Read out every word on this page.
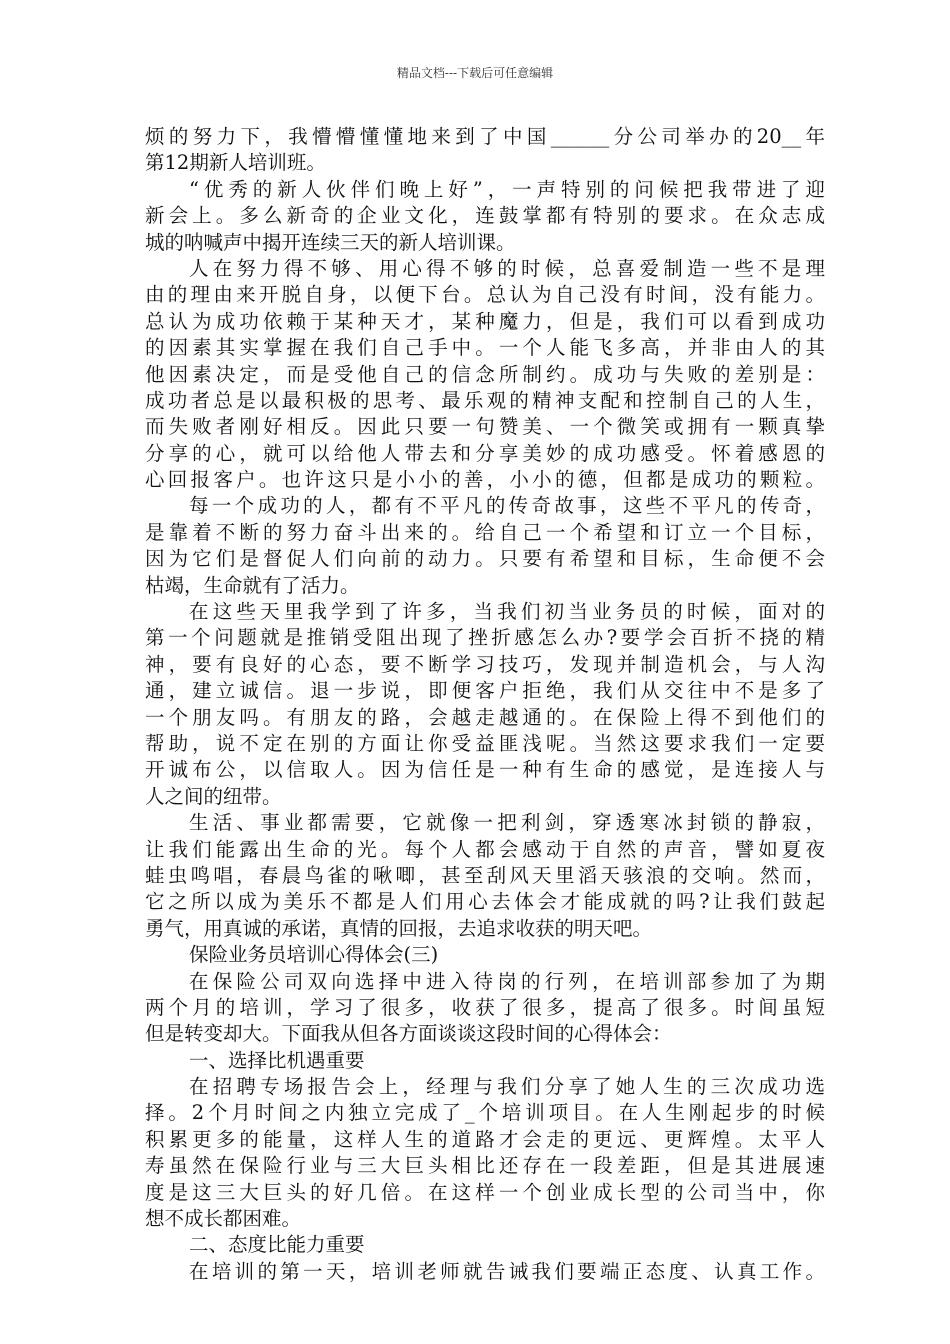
精品文档---下载后可任意编辑
烦的努力下，我懵懵懂懂地来到了中国______分公司举办的20__年
第12期新人培训班。
“优秀的新人伙伴们晚上好”，一声特别的问候把我带进了迎
新会上。多么新奇的企业文化，连鼓掌都有特别的要求。在众志成
城的呐喊声中揭开连续三天的新人培训课。
人在努力得不够、用心得不够的时候，总喜爱制造一些不是理
由的理由来开脱自身，以便下台。总认为自己没有时间，没有能力。
总认为成功依赖于某种天才，某种魔力，但是，我们可以看到成功
的因素其实掌握在我们自己手中。一个人能飞多高，并非由人的其
他因素决定，而是受他自己的信念所制约。成功与失败的差别是：
成功者总是以最积极的思考、最乐观的精神支配和控制自己的人生，
而失败者刚好相反。因此只要一句赞美、一个微笑或拥有一颗真挚
分享的心，就可以给他人带去和分享美妙的成功感受。怀着感恩的
心回报客户。也许这只是小小的善，小小的德，但都是成功的颗粒。
每一个成功的人，都有不平凡的传奇故事，这些不平凡的传奇，
是靠着不断的努力奋斗出来的。给自己一个希望和订立一个目标，
因为它们是督促人们向前的动力。只要有希望和目标，生命便不会
枯竭，生命就有了活力。
在这些天里我学到了许多，当我们初当业务员的时候，面对的
第一个问题就是推销受阻出现了挫折感怎么办?要学会百折不挠的精
神，要有良好的心态，要不断学习技巧，发现并制造机会，与人沟
通，建立诚信。退一步说，即便客户拒绝，我们从交往中不是多了
一个朋友吗。有朋友的路，会越走越通的。在保险上得不到他们的
帮助，说不定在别的方面让你受益匪浅呢。当然这要求我们一定要
开诚布公，以信取人。因为信任是一种有生命的感觉，是连接人与
人之间的纽带。
生活、事业都需要，它就像一把利剑，穿透寒冰封锁的静寂，
让我们能露出生命的光。每个人都会感动于自然的声音，譬如夏夜
蛙虫鸣唱，春晨鸟雀的啾唧，甚至刮风天里滔天骇浪的交响。然而，
它之所以成为美乐不都是人们用心去体会才能成就的吗?让我们鼓起
勇气，用真诚的承诺，真情的回报，去追求收获的明天吧。
保险业务员培训心得体会(三)
在保险公司双向选择中进入待岗的行列，在培训部参加了为期
两个月的培训，学习了很多，收获了很多，提高了很多。时间虽短
但是转变却大。下面我从但各方面谈谈这段时间的心得体会：
一、选择比机遇重要
在招聘专场报告会上，经理与我们分享了她人生的三次成功选
择。2个月时间之内独立完成了_个培训项目。在人生刚起步的时候
积累更多的能量，这样人生的道路才会走的更远、更辉煌。太平人
寿虽然在保险行业与三大巨头相比还存在一段差距，但是其进展速
度是这三大巨头的好几倍。在这样一个创业成长型的公司当中，你
想不成长都困难。
二、态度比能力重要
在培训的第一天，培训老师就告诫我们要端正态度、认真工作。
